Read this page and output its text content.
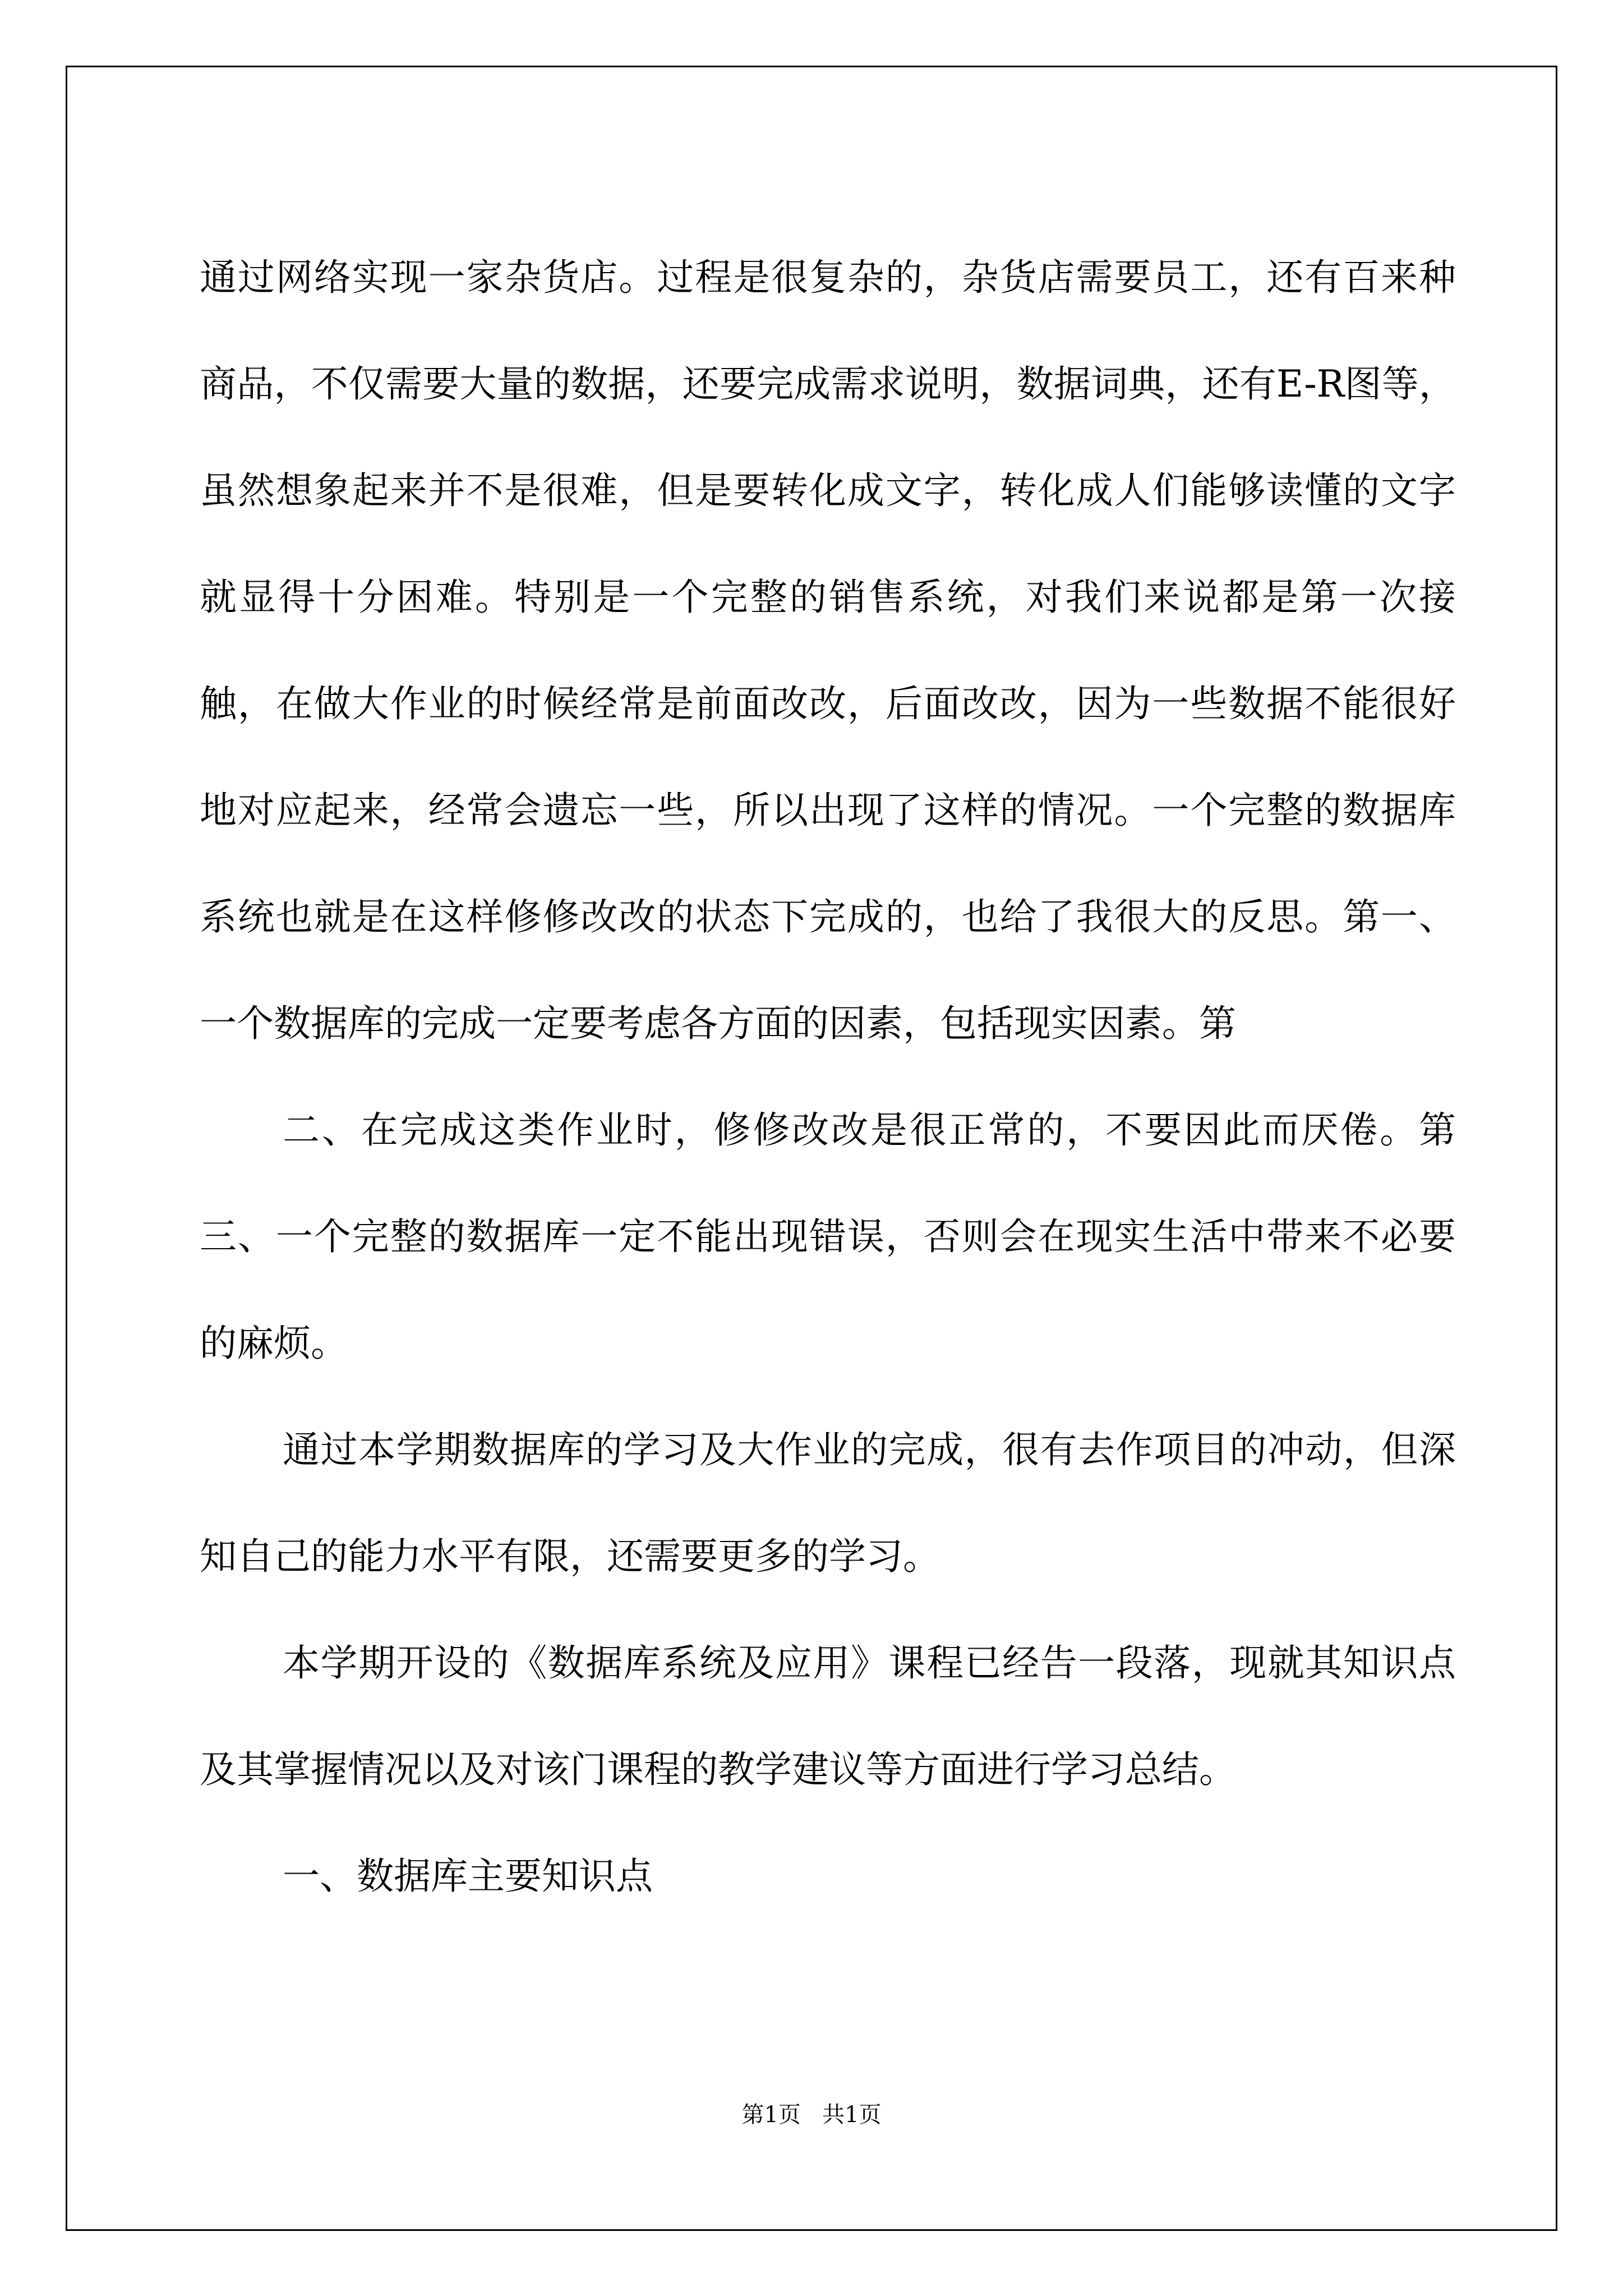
通过网络实现一家杂货店。过程是很复杂的，杂货店需要员工，还有百来种商品，不仅需要大量的数据，还要完成需求说明，数据词典，还有E-R图等，虽然想象起来并不是很难，但是要转化成文字，转化成人们能够读懂的文字就显得十分困难。特别是一个完整的销售系统，对我们来说都是第一次接触，在做大作业的时候经常是前面改改，后面改改，因为一些数据不能很好地对应起来，经常会遗忘一些，所以出现了这样的情况。一个完整的数据库系统也就是在这样修修改改的状态下完成的，也给了我很大的反思。第一、一个数据库的完成一定要考虑各方面的因素，包括现实因素。第

二、在完成这类作业时，修修改改是很正常的，不要因此而厌倦。第三、一个完整的数据库一定不能出现错误，否则会在现实生活中带来不必要的麻烦。

通过本学期数据库的学习及大作业的完成，很有去作项目的冲动，但深知自己的能力水平有限，还需要更多的学习。

本学期开设的《数据库系统及应用》课程已经告一段落，现就其知识点及其掌握情况以及对该门课程的教学建议等方面进行学习总结。

一、数据库主要知识点

第1页   共1页
